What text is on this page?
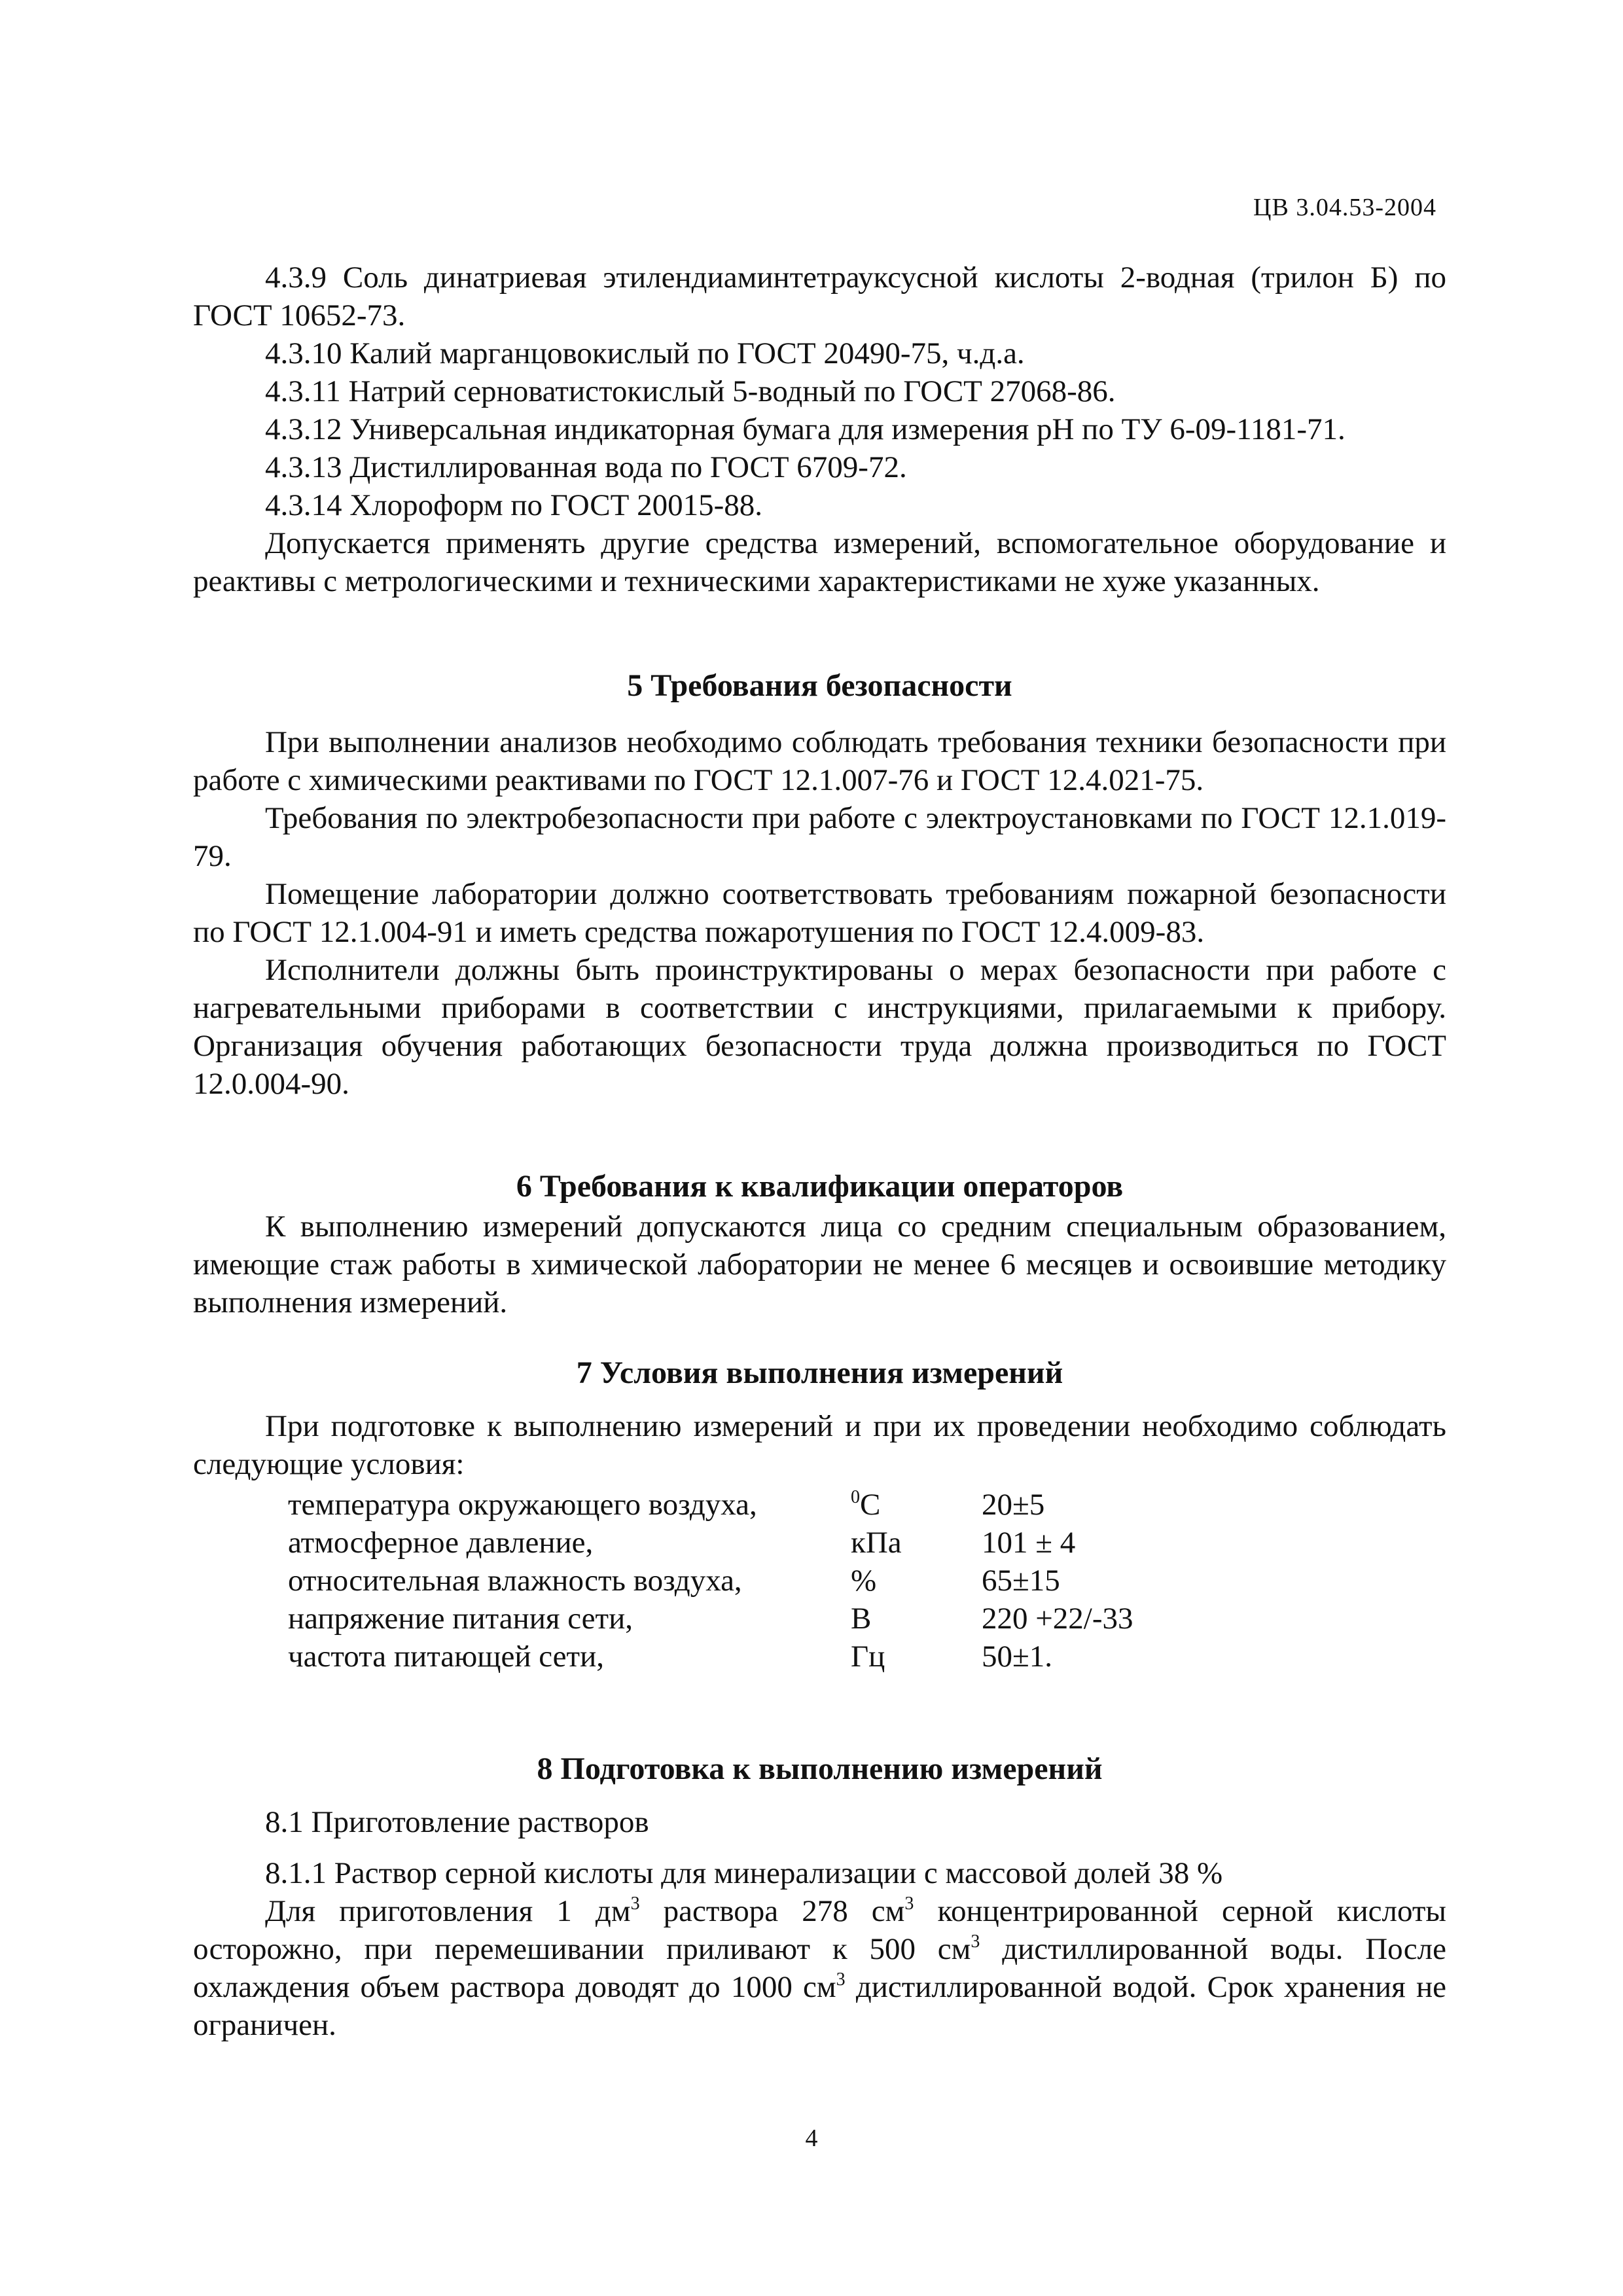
ЦВ 3.04.53-2004

4.3.9 Соль динатриевая этилендиаминтетрауксусной кислоты 2-водная (трилон Б) по ГОСТ 10652-73.

4.3.10 Калий марганцовокислый по ГОСТ 20490-75, ч.д.а.

4.3.11 Натрий серноватистокислый 5-водный по ГОСТ 27068-86.

4.3.12 Универсальная индикаторная бумага для измерения pH по ТУ 6-09-1181-71.

4.3.13 Дистиллированная вода по ГОСТ 6709-72.

4.3.14 Хлороформ по ГОСТ 20015-88.

Допускается применять другие средства измерений, вспомогательное оборудование и реактивы с метрологическими и техническими характеристиками не хуже указанных.

5 Требования безопасности

При выполнении анализов необходимо соблюдать требования техники безопасности при работе с химическими реактивами по ГОСТ 12.1.007-76 и ГОСТ 12.4.021-75.

Требования по электробезопасности при работе с электроустановками по ГОСТ 12.1.019-79.

Помещение лаборатории должно соответствовать требованиям пожарной безопасности по ГОСТ 12.1.004-91 и иметь средства пожаротушения по ГОСТ 12.4.009-83.

Исполнители должны быть проинструктированы о мерах безопасности при работе с нагревательными приборами в соответствии с инструкциями, прилагаемыми к прибору. Организация обучения работающих безопасности труда должна производиться по ГОСТ 12.0.004-90.

6 Требования к квалификации операторов

К выполнению измерений допускаются лица со средним специальным образованием, имеющие стаж работы в химической лаборатории не менее 6 месяцев и освоившие методику выполнения измерений.

7 Условия выполнения измерений

При подготовке к выполнению измерений и при их проведении необходимо соблюдать следующие условия:

температура окружающего воздуха,	$^0$С	20±5
атмосферное давление,	кПа	101 ± 4
относительная влажность воздуха,	%	65±15
напряжение питания сети,	В	220 +22/-33
частота питающей сети,	Гц	50±1.
8 Подготовка к выполнению измерений

8.1 Приготовление растворов

8.1.1 Раствор серной кислоты для минерализации с массовой долей 38 %

Для приготовления 1 $дм^3$ раствора 278 $см^3$ концентрированной серной кислоты осторожно, при перемешивании приливают к 500 $см^3$ дистиллированной воды. После охлаждения объем раствора доводят до 1000 $см^3$ дистиллированной водой. Срок хранения не ограничен.

4
